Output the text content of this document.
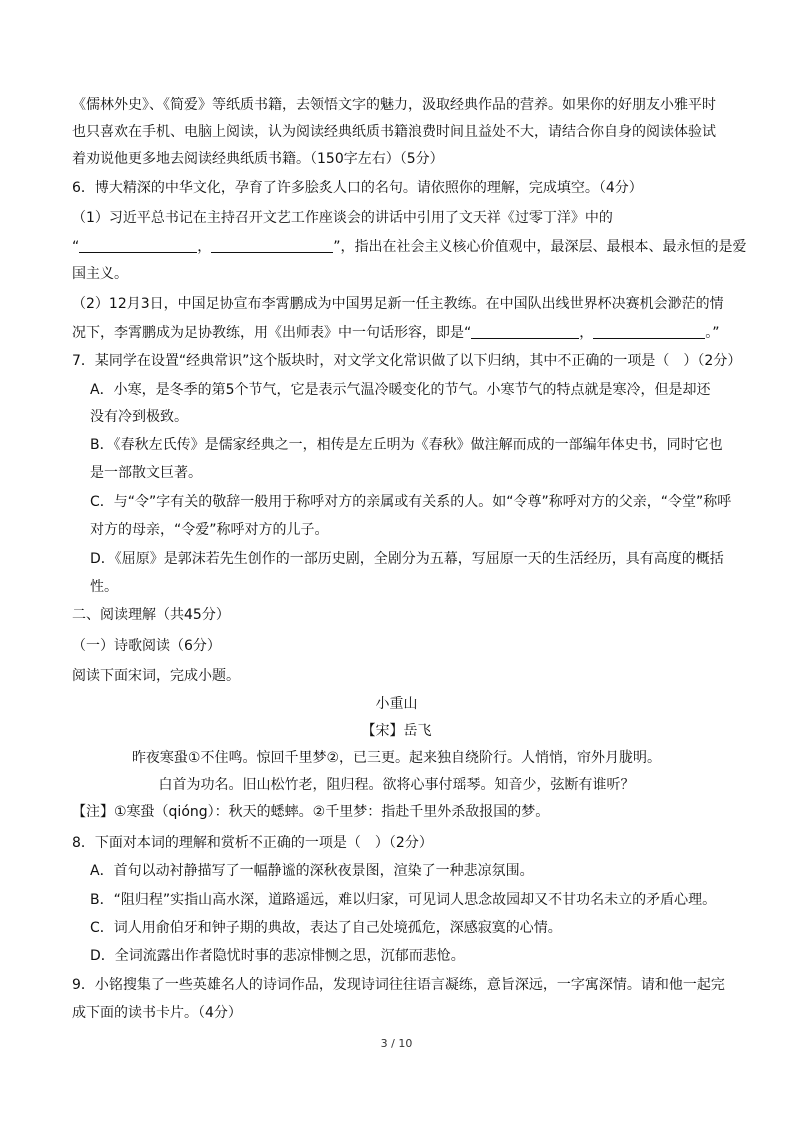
《儒林外史》、《简爱》等纸质书籍，去领悟文字的魅力，汲取经典作品的营养。如果你的好朋友小雅平时
也只喜欢在手机、电脑上阅读，认为阅读经典纸质书籍浪费时间且益处不大，请结合你自身的阅读体验试
着劝说他更多地去阅读经典纸质书籍。（150字左右）（5分）
6．博大精深的中华文化，孕育了许多脍炙人口的名句。请依照你的理解，完成填空。（4分）
（1）习近平总书记在主持召开文艺工作座谈会的讲话中引用了文天祥《过零丁洋》中的
“	，	”，指出在社会主义核心价值观中，最深层、最根本、最永恒的是爱
国主义。
（2）12月3日，中国足协宣布李霄鹏成为中国男足新一任主教练。在中国队出线世界杯决赛机会渺茫的情
况下，李霄鹏成为足协教练，用《出师表》中一句话形容，即是“	，	。”
7．某同学在设置“经典常识”这个版块时，对文学文化常识做了以下归纳，其中不正确的一项是（　）（2分）
A．小寒，是冬季的第5个节气，它是表示气温冷暖变化的节气。小寒节气的特点就是寒冷，但是却还
没有冷到极致。
B．《春秋左氏传》是儒家经典之一，相传是左丘明为《春秋》做注解而成的一部编年体史书，同时它也
是一部散文巨著。
C．与“令”字有关的敬辞一般用于称呼对方的亲属或有关系的人。如“令尊”称呼对方的父亲，“令堂”称呼
对方的母亲，“令爱”称呼对方的儿子。
D．《屈原》是郭沫若先生创作的一部历史剧，全剧分为五幕，写屈原一天的生活经历，具有高度的概括
性。
二、阅读理解（共45分）
（一）诗歌阅读（6分）
阅读下面宋词，完成小题。
小重山
【宋】岳飞
昨夜寒蛩①不住鸣。惊回千里梦②，已三更。起来独自绕阶行。人悄悄，帘外月胧明。
白首为功名。旧山松竹老，阻归程。欲将心事付瑶琴。知音少，弦断有谁听？
【注】①寒蛩（qióng）：秋天的蟋蟀。②千里梦：指赴千里外杀敌报国的梦。
8．下面对本词的理解和赏析不正确的一项是（　）（2分）
A．首句以动衬静描写了一幅静谧的深秋夜景图，渲染了一种悲凉氛围。
B．“阻归程”实指山高水深，道路遥远，难以归家，可见词人思念故园却又不甘功名未立的矛盾心理。
C．词人用俞伯牙和钟子期的典故，表达了自己处境孤危，深感寂寞的心情。
D．全词流露出作者隐忧时事的悲凉悱恻之思，沉郁而悲怆。
9．小铭搜集了一些英雄名人的诗词作品，发现诗词往往语言凝练，意旨深远，一字寓深情。请和他一起完
成下面的读书卡片。（4分）
3 / 10
